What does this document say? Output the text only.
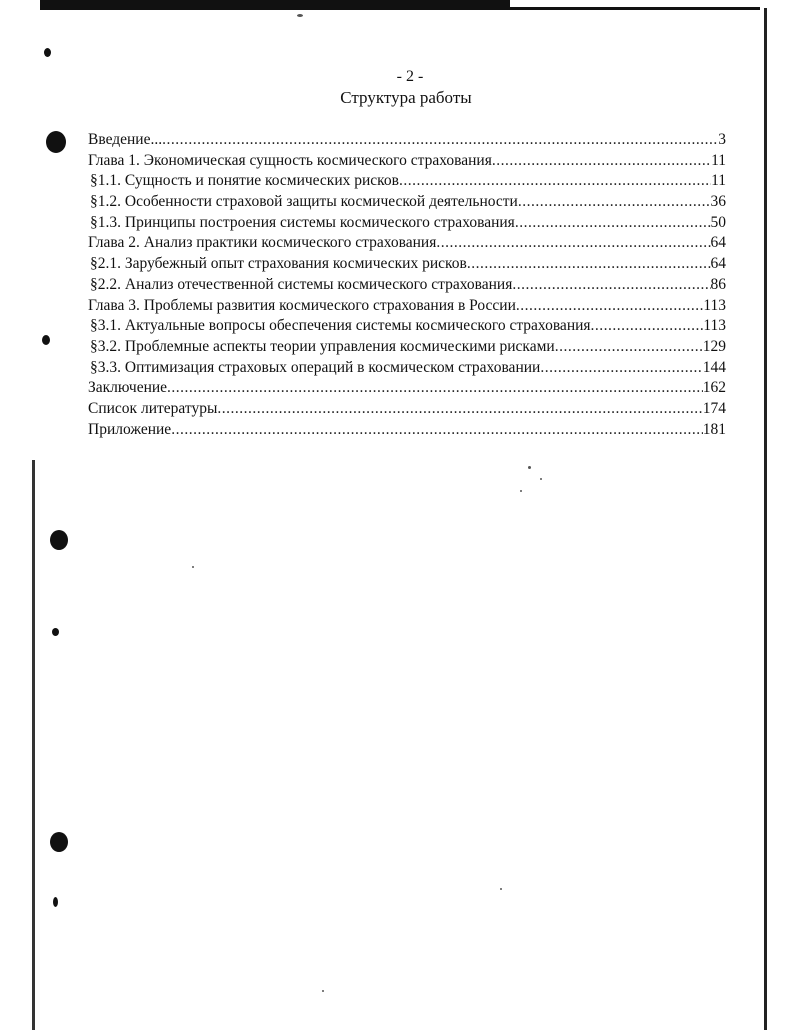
- 2 -
Структура работы
Введение... .....	3
Глава 1. Экономическая сущность космического страхования .....	11
§1.1. Сущность и понятие космических рисков .....	11
§1.2. Особенности страховой защиты космической деятельности .....	36
§1.3. Принципы построения системы космического страхования .....	50
Глава 2. Анализ практики космического страхования .....	64
§2.1. Зарубежный опыт страхования космических рисков .....	64
§2.2. Анализ отечественной системы космического страхования .....	86
Глава 3. Проблемы развития космического страхования в России .....	113
§3.1. Актуальные вопросы обеспечения системы космического страхования .....	113
§3.2. Проблемные аспекты теории управления космическими рисками .....	129
§3.3. Оптимизация страховых операций в космическом страховании .....	144
Заключение .....	162
Список литературы .....	174
Приложение .....	181
